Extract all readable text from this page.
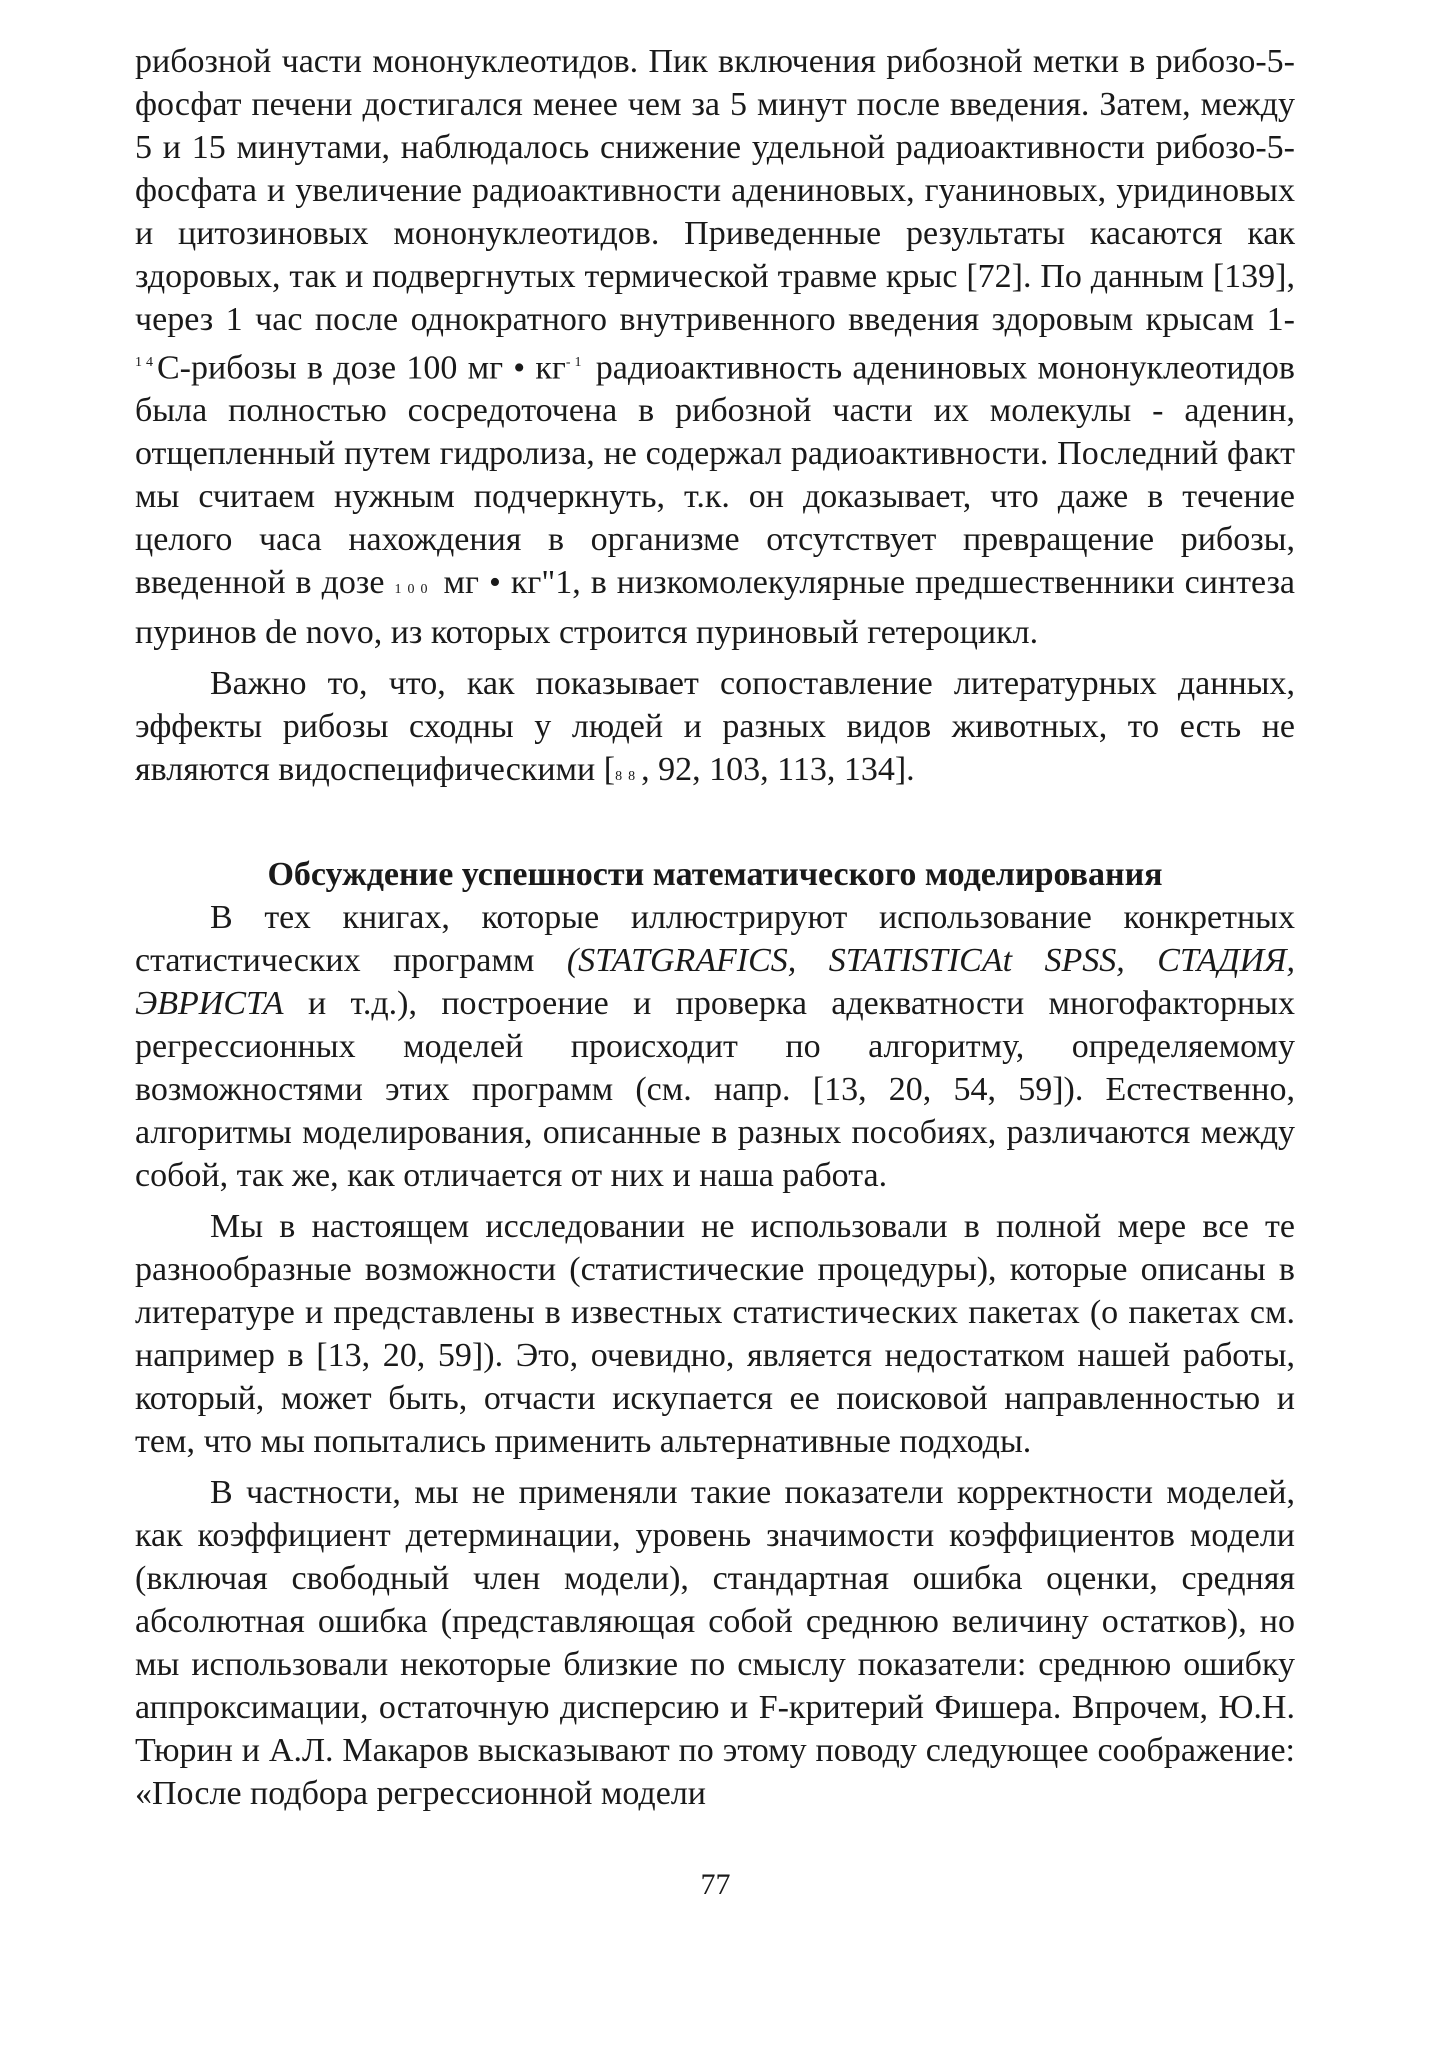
рибозной части мононуклеотидов. Пик включения рибозной метки в рибозо-5-фосфат печени достигался менее чем за 5 минут после введения. Затем, между 5 и 15 минутами, наблюдалось снижение удельной радиоактивности рибозо-5-фосфата и увеличение радиоактивности адениновых, гуаниновых, уридиновых и цитозиновых мононуклеотидов. Приведенные результаты касаются как здоровых, так и подвергнутых термической травме крыс [72]. По данным [139], через 1 час после однократного внутривенного введения здоровым крысам 1-$^{14}$С-рибозы в дозе 100 мг • $кг^{-1}$ радиоактивность адениновых мононуклеотидов была полностью сосредоточена в рибозной части их молекулы - аденин, отщепленный путем гидролиза, не содержал радиоактивности. Последний факт мы считаем нужным подчеркнуть, т.к. он доказывает, что даже в течение целого часа нахождения в организме отсутствует превращение рибозы, введенной в дозе 100 мг • кг"1, в низкомолекулярные предшественники синтеза пуринов de novo, из которых строится пуриновый гетероцикл.

Важно то, что, как показывает сопоставление литературных данных, эффекты рибозы сходны у людей и разных видов животных, то есть не являются видоспецифическими [88, 92, 103, 113, 134].

Обсуждение успешности математического моделирования

В тех книгах, которые иллюстрируют использование конкретных статистических программ (STATGRAFICS, STATISTICAt SPSS, СТАДИЯ, ЭВРИСТА и т.д.), построение и проверка адекватности многофакторных регрессионных моделей происходит по алгоритму, определяемому возможностями этих программ (см. напр. [13, 20, 54, 59]). Естественно, алгоритмы моделирования, описанные в разных пособиях, различаются между собой, так же, как отличается от них и наша работа.

Мы в настоящем исследовании не использовали в полной мере все те разнообразные возможности (статистические процедуры), которые описаны в литературе и представлены в известных статистических пакетах (о пакетах см. например в [13, 20, 59]). Это, очевидно, является недостатком нашей работы, который, может быть, отчасти искупается ее поисковой направленностью и тем, что мы попытались применить альтернативные подходы.

В частности, мы не применяли такие показатели корректности моделей, как коэффициент детерминации, уровень значимости коэффициентов модели (включая свободный член модели), стандартная ошибка оценки, средняя абсолютная ошибка (представляющая собой среднюю величину остатков), но мы использовали некоторые близкие по смыслу показатели: среднюю ошибку аппроксимации, остаточную дисперсию и F-критерий Фишера. Впрочем, Ю.Н. Тюрин и А.Л. Макаров высказывают по этому поводу следующее соображение: «После подбора регрессионной модели

77
